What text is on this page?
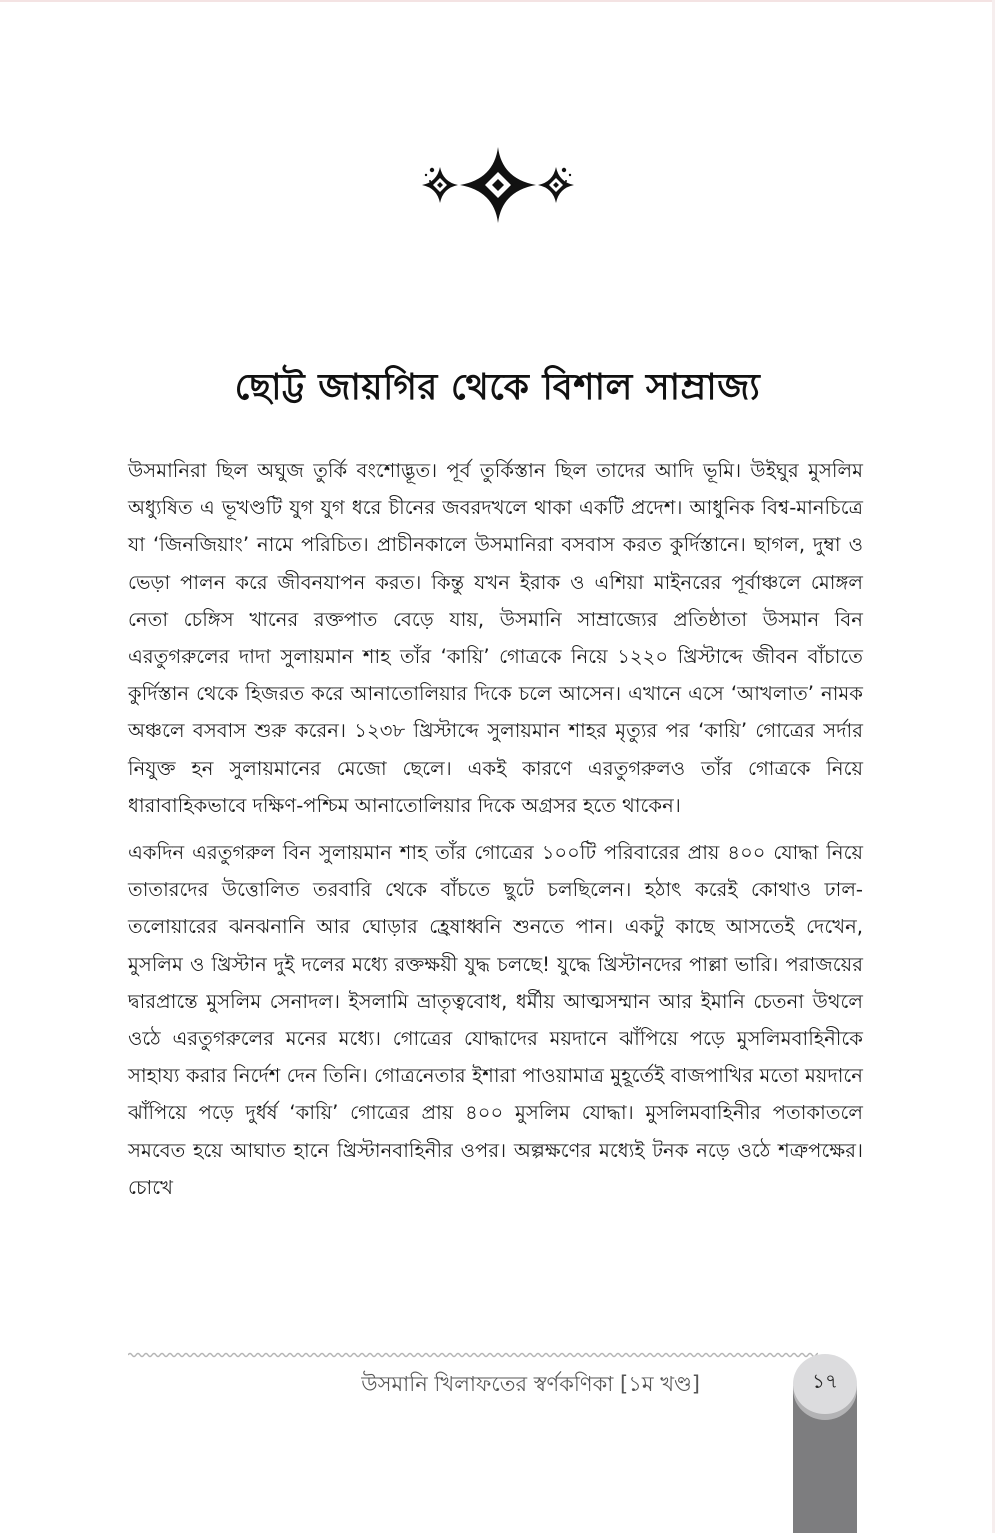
ছোট্ট জায়গির থেকে বিশাল সাম্রাজ্য

উসমানিরা ছিল অঘুজ তুর্কি বংশোদ্ভূত। পূর্ব তুর্কিস্তান ছিল তাদের আদি ভূমি। উইঘুর মুসলিম অধ্যুষিত এ ভূখণ্ডটি যুগ যুগ ধরে চীনের জবরদখলে থাকা একটি প্রদেশ। আধুনিক বিশ্ব-মানচিত্রে যা ‘জিনজিয়াং’ নামে পরিচিত। প্রাচীনকালে উসমানিরা বসবাস করত কুর্দিস্তানে। ছাগল, দুম্বা ও ভেড়া পালন করে জীবনযাপন করত। কিন্তু যখন ইরাক ও এশিয়া মাইনরের পূর্বাঞ্চলে মোঙ্গল নেতা চেঙ্গিস খানের রক্তপাত বেড়ে যায়, উসমানি সাম্রাজ্যের প্রতিষ্ঠাতা উসমান বিন এরতুগরুলের দাদা সুলায়মান শাহ তাঁর ‘কায়ি’ গোত্রকে নিয়ে ১২২০ খ্রিস্টাব্দে জীবন বাঁচাতে কুর্দিস্তান থেকে হিজরত করে আনাতোলিয়ার দিকে চলে আসেন। এখানে এসে ‘আখলাত’ নামক অঞ্চলে বসবাস শুরু করেন। ১২৩৮ খ্রিস্টাব্দে সুলায়মান শাহর মৃত্যুর পর ‘কায়ি’ গোত্রের সর্দার নিযুক্ত হন সুলায়মানের মেজো ছেলে। একই কারণে এরতুগরুলও তাঁর গোত্রকে নিয়ে ধারাবাহিকভাবে দক্ষিণ-পশ্চিম আনাতোলিয়ার দিকে অগ্রসর হতে থাকেন।

একদিন এরতুগরুল বিন সুলায়মান শাহ তাঁর গোত্রের ১০০টি পরিবারের প্রায় ৪০০ যোদ্ধা নিয়ে তাতারদের উত্তোলিত তরবারি থেকে বাঁচতে ছুটে চলছিলেন। হঠাৎ করেই কোথাও ঢাল-তলোয়ারের ঝনঝনানি আর ঘোড়ার হ্রেষাধ্বনি শুনতে পান। একটু কাছে আসতেই দেখেন, মুসলিম ও খ্রিস্টান দুই দলের মধ্যে রক্তক্ষয়ী যুদ্ধ চলছে! যুদ্ধে খ্রিস্টানদের পাল্লা ভারি। পরাজয়ের দ্বারপ্রান্তে মুসলিম সেনাদল। ইসলামি ভ্রাতৃত্ববোধ, ধর্মীয় আত্মসম্মান আর ইমানি চেতনা উথলে ওঠে এরতুগরুলের মনের মধ্যে। গোত্রের যোদ্ধাদের ময়দানে ঝাঁপিয়ে পড়ে মুসলিমবাহিনীকে সাহায্য করার নির্দেশ দেন তিনি। গোত্রনেতার ইশারা পাওয়ামাত্র মুহূর্তেই বাজপাখির মতো ময়দানে ঝাঁপিয়ে পড়ে দুর্ধর্ষ ‘কায়ি’ গোত্রের প্রায় ৪০০ মুসলিম যোদ্ধা। মুসলিমবাহিনীর পতাকাতলে সমবেত হয়ে আঘাত হানে খ্রিস্টানবাহিনীর ওপর। অল্পক্ষণের মধ্যেই টনক নড়ে ওঠে শত্রুপক্ষের। চোখে

উসমানি খিলাফতের স্বর্ণকণিকা [১ম খণ্ড]	১৭
